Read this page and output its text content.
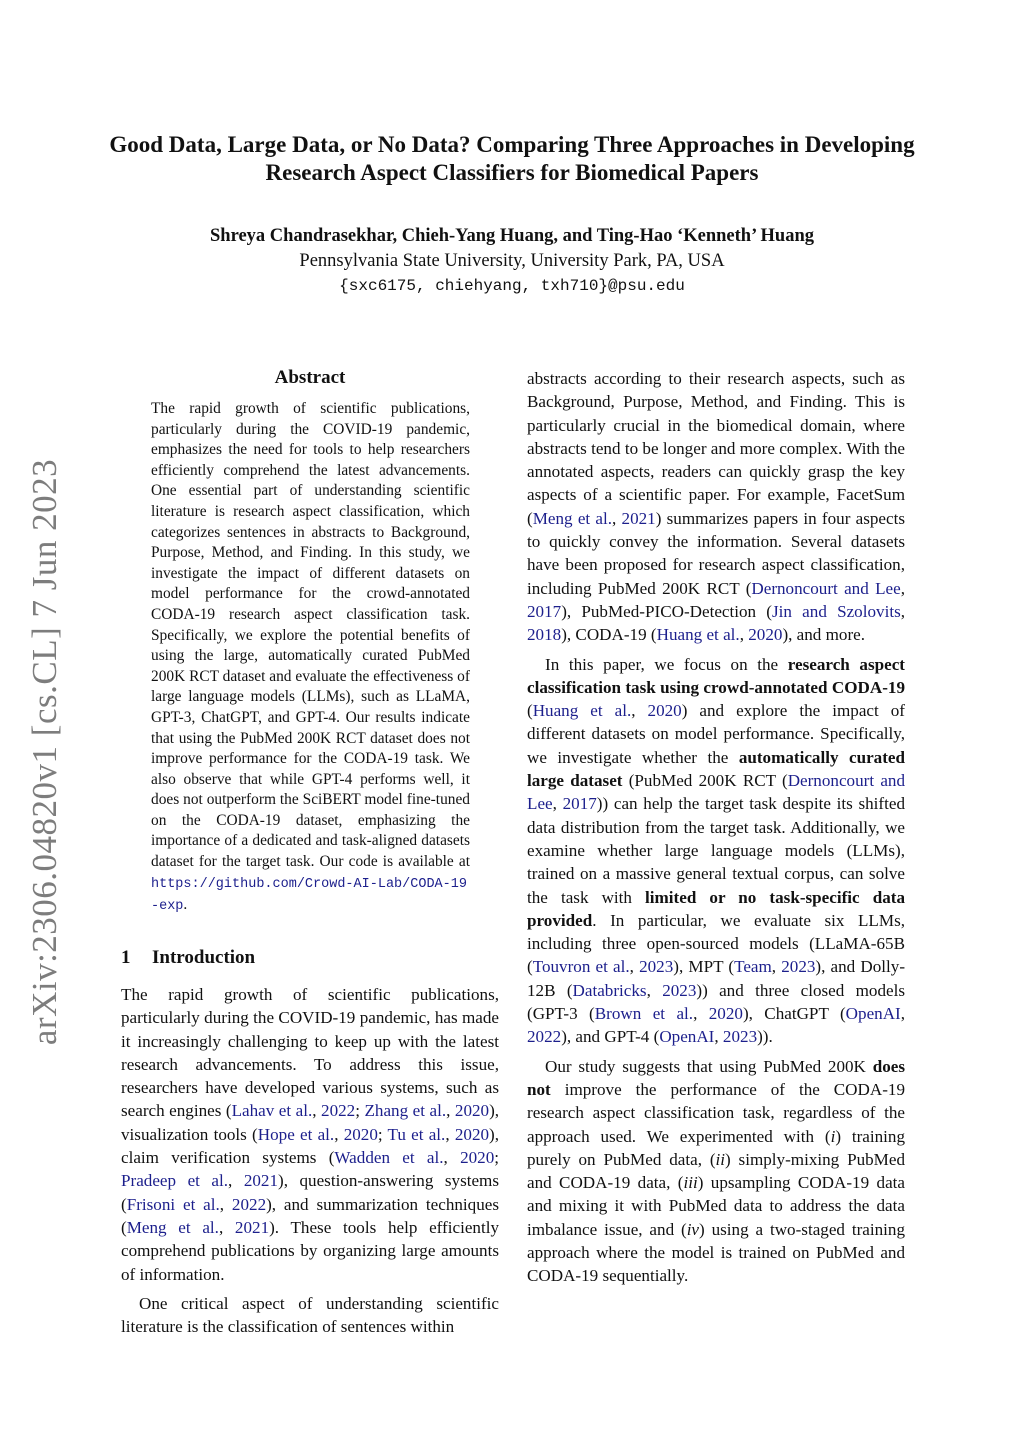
arXiv:2306.04820v1 [cs.CL] 7 Jun 2023
Good Data, Large Data, or No Data? Comparing Three Approaches in Developing Research Aspect Classifiers for Biomedical Papers

Shreya Chandrasekhar, Chieh-Yang Huang, and Ting-Hao ‘Kenneth’ Huang

Pennsylvania State University, University Park, PA, USA

{sxc6175, chiehyang, txh710}@psu.edu

Abstract

The rapid growth of scientific publications, particularly during the COVID-19 pandemic, emphasizes the need for tools to help researchers efficiently comprehend the latest advancements. One essential part of understanding scientific literature is research aspect classification, which categorizes sentences in abstracts to Background, Purpose, Method, and Finding. In this study, we investigate the impact of different datasets on model performance for the crowd-annotated CODA-19 research aspect classification task. Specifically, we explore the potential benefits of using the large, automatically curated PubMed 200K RCT dataset and evaluate the effectiveness of large language models (LLMs), such as LLaMA, GPT-3, ChatGPT, and GPT-4. Our results indicate that using the PubMed 200K RCT dataset does not improve performance for the CODA-19 task. We also observe that while GPT-4 performs well, it does not outperform the SciBERT model fine-tuned on the CODA-19 dataset, emphasizing the importance of a dedicated and task-aligned datasets dataset for the target task. Our code is available at https://github.com/Crowd-AI-Lab/CODA-19-exp.

1 Introduction

The rapid growth of scientific publications, particularly during the COVID-19 pandemic, has made it increasingly challenging to keep up with the latest research advancements. To address this issue, researchers have developed various systems, such as search engines (Lahav et al., 2022; Zhang et al., 2020), visualization tools (Hope et al., 2020; Tu et al., 2020), claim verification systems (Wadden et al., 2020; Pradeep et al., 2021), question-answering systems (Frisoni et al., 2022), and summarization techniques (Meng et al., 2021). These tools help efficiently comprehend publications by organizing large amounts of information.

One critical aspect of understanding scientific literature is the classification of sentences within

abstracts according to their research aspects, such as Background, Purpose, Method, and Finding. This is particularly crucial in the biomedical domain, where abstracts tend to be longer and more complex. With the annotated aspects, readers can quickly grasp the key aspects of a scientific paper. For example, FacetSum (Meng et al., 2021) summarizes papers in four aspects to quickly convey the information. Several datasets have been proposed for research aspect classification, including PubMed 200K RCT (Dernoncourt and Lee, 2017), PubMed-PICO-Detection (Jin and Szolovits, 2018), CODA-19 (Huang et al., 2020), and more.

In this paper, we focus on the research aspect classification task using crowd-annotated CODA-19 (Huang et al., 2020) and explore the impact of different datasets on model performance. Specifically, we investigate whether the automatically curated large dataset (PubMed 200K RCT (Dernoncourt and Lee, 2017)) can help the target task despite its shifted data distribution from the target task. Additionally, we examine whether large language models (LLMs), trained on a massive general textual corpus, can solve the task with limited or no task-specific data provided. In particular, we evaluate six LLMs, including three open-sourced models (LLaMA-65B (Touvron et al., 2023), MPT (Team, 2023), and Dolly-12B (Databricks, 2023)) and three closed models (GPT-3 (Brown et al., 2020), ChatGPT (OpenAI, 2022), and GPT-4 (OpenAI, 2023)).

Our study suggests that using PubMed 200K does not improve the performance of the CODA-19 research aspect classification task, regardless of the approach used. We experimented with (i) training purely on PubMed data, (ii) simply-mixing PubMed and CODA-19 data, (iii) upsampling CODA-19 data and mixing it with PubMed data to address the data imbalance issue, and (iv) using a two-staged training approach where the model is trained on PubMed and CODA-19 sequentially.
